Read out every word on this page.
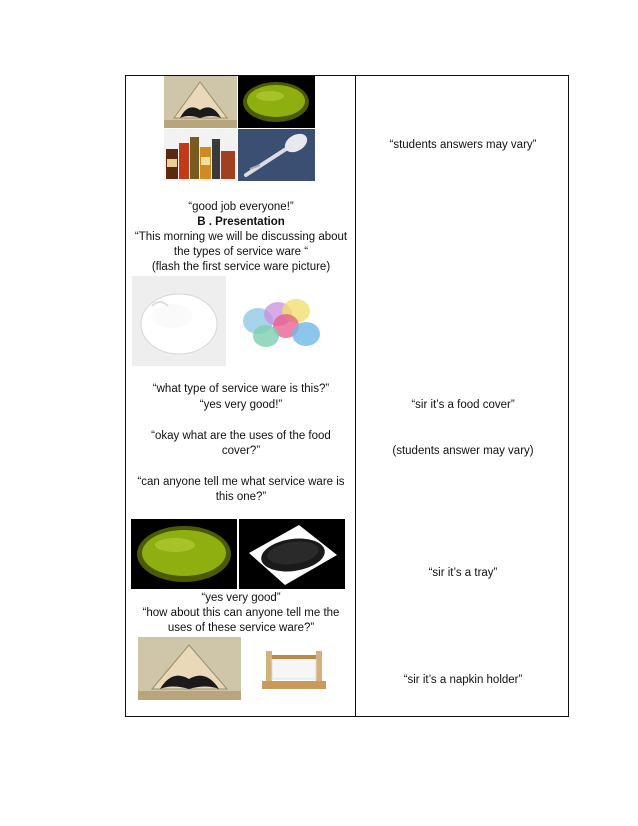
“good job everyone!”
B . Presentation
“This morning we will be discussing about
the types of service ware “
(flash the first service ware picture)
“what type of service ware is this?”
“yes very good!”
“okay what are the uses of the food
cover?”
“can anyone tell me what service ware is
this one?”
“yes very good”
“how about this can anyone tell me the
uses of these service ware?”
“students answers may vary”
“sir it’s a food cover”
(students answer may vary)
“sir it’s a tray”
“sir it’s a napkin holder”
